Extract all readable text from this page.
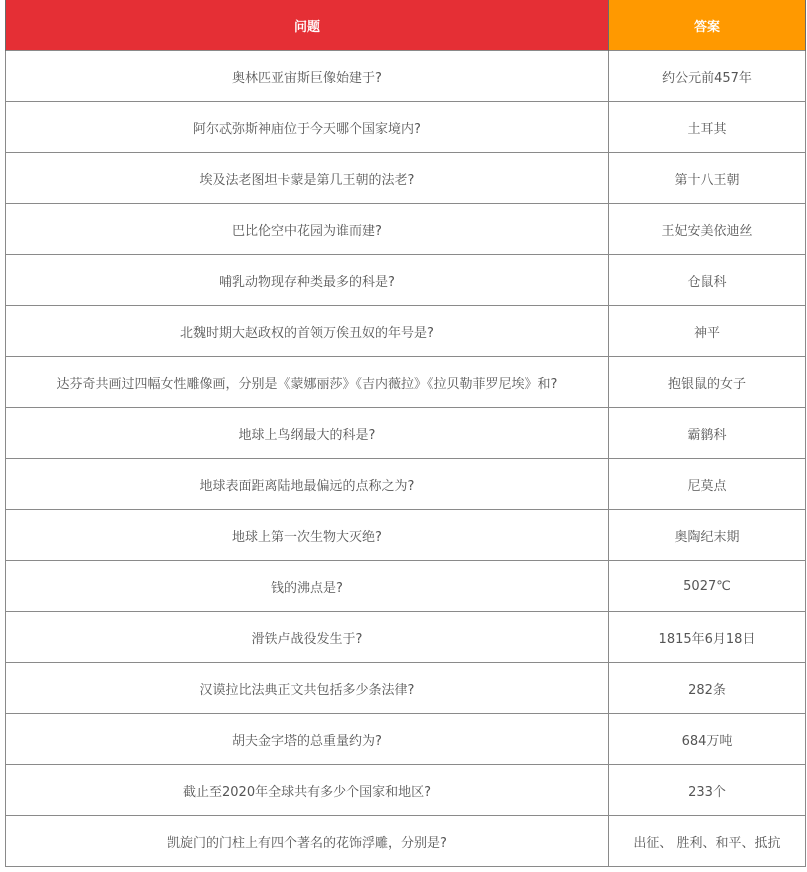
问题	答案
奥林匹亚宙斯巨像始建于?	约公元前457年
阿尔忒弥斯神庙位于今天哪个国家境内?	土耳其
埃及法老图坦卡蒙是第几王朝的法老?	第十八王朝
巴比伦空中花园为谁而建?	王妃安美依迪丝
哺乳动物现存种类最多的科是?	仓鼠科
北魏时期大赵政权的首领万俟丑奴的年号是?	神平
达芬奇共画过四幅女性雕像画，分别是《蒙娜丽莎》《吉内薇拉》《拉贝勒菲罗尼埃》和?	抱银鼠的女子
地球上鸟纲最大的科是?	霸鹟科
地球表面距离陆地最偏远的点称之为?	尼莫点
地球上第一次生物大灭绝?	奥陶纪末期
钱的沸点是?	5027℃
滑铁卢战役发生于?	1815年6月18日
汉谟拉比法典正文共包括多少条法律?	282条
胡夫金字塔的总重量约为?	684万吨
截止至2020年全球共有多少个国家和地区?	233个
凯旋门的门柱上有四个著名的花饰浮雕，分别是?	出征、 胜利、和平、抵抗
